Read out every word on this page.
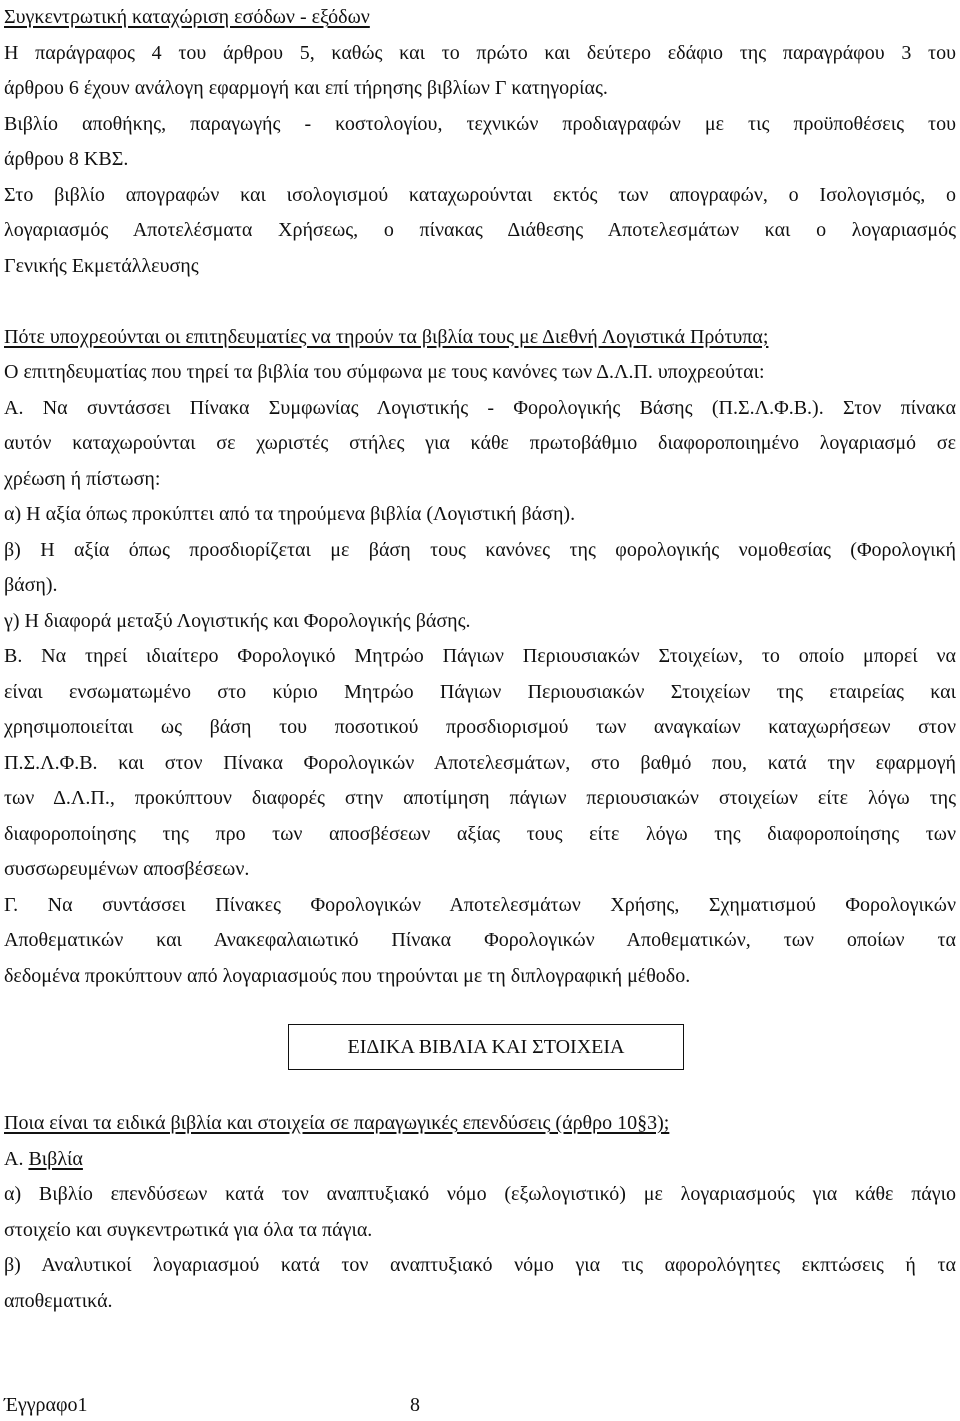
Συγκεντρωτική καταχώριση εσόδων - εξόδων
Η παράγραφος 4 του άρθρου 5, καθώς και το πρώτο και δεύτερο εδάφιο της παραγράφου 3 του
άρθρου 6 έχουν ανάλογη εφαρμογή και επί τήρησης βιβλίων Γ κατηγορίας.
Βιβλίο αποθήκης, παραγωγής - κοστολογίου, τεχνικών προδιαγραφών με τις προϋποθέσεις του
άρθρου 8 ΚΒΣ.
Στο βιβλίο απογραφών και ισολογισμού καταχωρούνται εκτός των απογραφών, ο Ισολογισμός, ο
λογαριασμός Αποτελέσματα Χρήσεως, ο πίνακας Διάθεσης Αποτελεσμάτων και ο λογαριασμός
Γενικής Εκμετάλλευσης
Πότε υποχρεούνται οι επιτηδευματίες να τηρούν τα βιβλία τους με Διεθνή Λογιστικά Πρότυπα;
Ο επιτηδευματίας που τηρεί τα βιβλία του σύμφωνα με τους κανόνες των Δ.Λ.Π. υποχρεούται:
Α. Να συντάσσει Πίνακα Συμφωνίας Λογιστικής - Φορολογικής Βάσης (Π.Σ.Λ.Φ.Β.). Στον πίνακα
αυτόν καταχωρούνται σε χωριστές στήλες για κάθε πρωτοβάθμιο διαφοροποιημένο λογαριασμό σε
χρέωση ή πίστωση:
α) Η αξία όπως προκύπτει από τα τηρούμενα βιβλία (Λογιστική βάση).
β) Η αξία όπως προσδιορίζεται με βάση τους κανόνες της φορολογικής νομοθεσίας (Φορολογική
βάση).
γ) Η διαφορά μεταξύ Λογιστικής και Φορολογικής βάσης.
Β. Να τηρεί ιδιαίτερο Φορολογικό Μητρώο Πάγιων Περιουσιακών Στοιχείων, το οποίο μπορεί να
είναι ενσωματωμένο στο κύριο Μητρώο Πάγιων Περιουσιακών Στοιχείων της εταιρείας και
χρησιμοποιείται ως βάση του ποσοτικού προσδιορισμού των αναγκαίων καταχωρήσεων στον
Π.Σ.Λ.Φ.Β. και στον Πίνακα Φορολογικών Αποτελεσμάτων, στο βαθμό που, κατά την εφαρμογή
των Δ.Λ.Π., προκύπτουν διαφορές στην αποτίμηση πάγιων περιουσιακών στοιχείων είτε λόγω της
διαφοροποίησης της προ των αποσβέσεων αξίας τους είτε λόγω της διαφοροποίησης των
συσσωρευμένων αποσβέσεων.
Γ. Να συντάσσει Πίνακες Φορολογικών Αποτελεσμάτων Χρήσης, Σχηματισμού Φορολογικών
Αποθεματικών και Ανακεφαλαιωτικό Πίνακα Φορολογικών Αποθεματικών, των οποίων τα
δεδομένα προκύπτουν από λογαριασμούς που τηρούνται με τη διπλογραφική μέθοδο.
ΕΙΔΙΚΑ ΒΙΒΛΙΑ ΚΑΙ ΣΤΟΙΧΕΙΑ
Ποια είναι τα ειδικά βιβλία και στοιχεία σε παραγωγικές επενδύσεις (άρθρο 10§3);
Α. Βιβλία
α) Βιβλίο επενδύσεων κατά τον αναπτυξιακό νόμο (εξωλογιστικό) με λογαριασμούς για κάθε πάγιο
στοιχείο και συγκεντρωτικά για όλα τα πάγια.
β) Αναλυτικοί λογαριασμού κατά τον αναπτυξιακό νόμο για τις αφορολόγητες εκπτώσεις ή τα
αποθεματικά.
Έγγραφο1	8
